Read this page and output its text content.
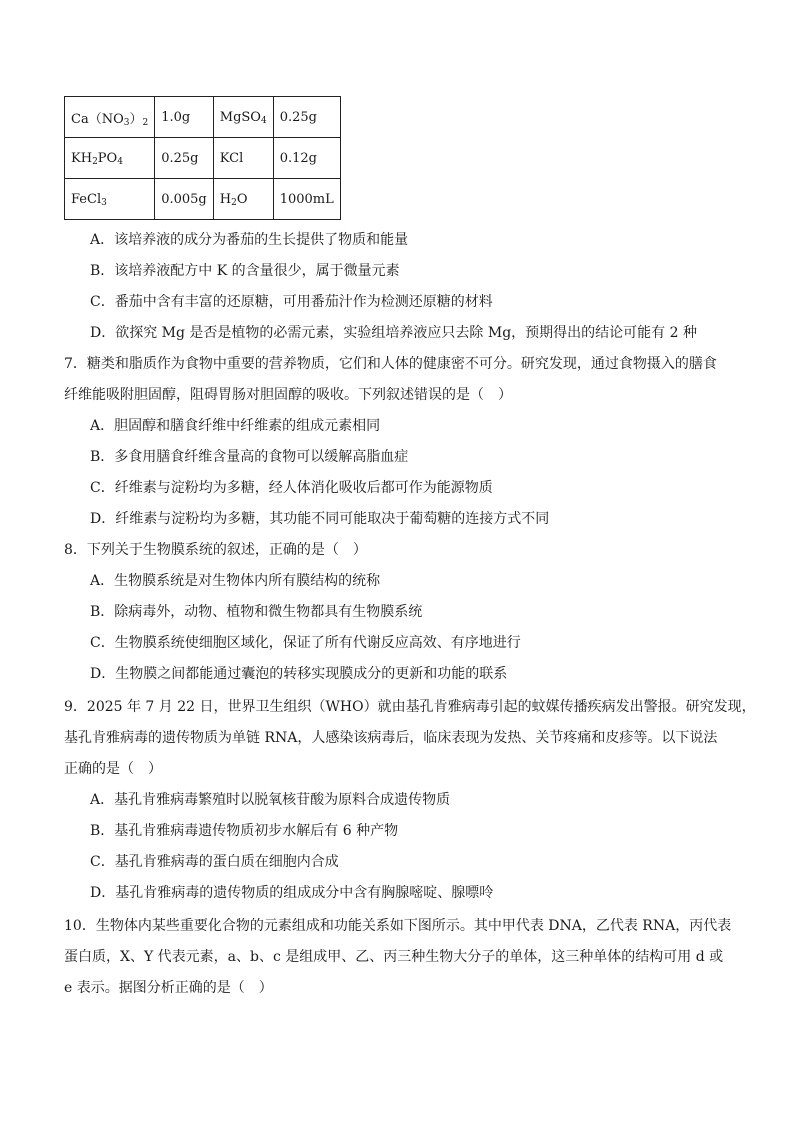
$Ca(NO_3)_2$	1.0g	MgSO$_4$	0.25g
$KH_2PO_4$	0.25g	KCl	0.12g
FeCl$_3$	0.005g	$H_2O$	1000mL
A．该培养液的成分为番茄的生长提供了物质和能量
B．该培养液配方中 K 的含量很少，属于微量元素
C．番茄中含有丰富的还原糖，可用番茄汁作为检测还原糖的材料
D．欲探究 Mg 是否是植物的必需元素，实验组培养液应只去除 Mg，预期得出的结论可能有 2 种
7．糖类和脂质作为食物中重要的营养物质，它们和人体的健康密不可分。研究发现，通过食物摄入的膳食
纤维能吸附胆固醇，阻碍胃肠对胆固醇的吸收。下列叙述错误的是（　）
A．胆固醇和膳食纤维中纤维素的组成元素相同
B．多食用膳食纤维含量高的食物可以缓解高脂血症
C．纤维素与淀粉均为多糖，经人体消化吸收后都可作为能源物质
D．纤维素与淀粉均为多糖，其功能不同可能取决于葡萄糖的连接方式不同
8．下列关于生物膜系统的叙述，正确的是（　）
A．生物膜系统是对生物体内所有膜结构的统称
B．除病毒外，动物、植物和微生物都具有生物膜系统
C．生物膜系统使细胞区域化，保证了所有代谢反应高效、有序地进行
D．生物膜之间都能通过囊泡的转移实现膜成分的更新和功能的联系
9．2025 年 7 月 22 日，世界卫生组织（WHO）就由基孔肯雅病毒引起的蚊媒传播疾病发出警报。研究发现，
基孔肯雅病毒的遗传物质为单链 RNA，人感染该病毒后，临床表现为发热、关节疼痛和皮疹等。以下说法
正确的是（　）
A．基孔肯雅病毒繁殖时以脱氧核苷酸为原料合成遗传物质
B．基孔肯雅病毒遗传物质初步水解后有 6 种产物
C．基孔肯雅病毒的蛋白质在细胞内合成
D．基孔肯雅病毒的遗传物质的组成成分中含有胸腺嘧啶、腺嘌呤
10．生物体内某些重要化合物的元素组成和功能关系如下图所示。其中甲代表 DNA，乙代表 RNA，丙代表
蛋白质，X、Y 代表元素，a、b、c 是组成甲、乙、丙三种生物大分子的单体，这三种单体的结构可用 d 或
e 表示。据图分析正确的是（　）
